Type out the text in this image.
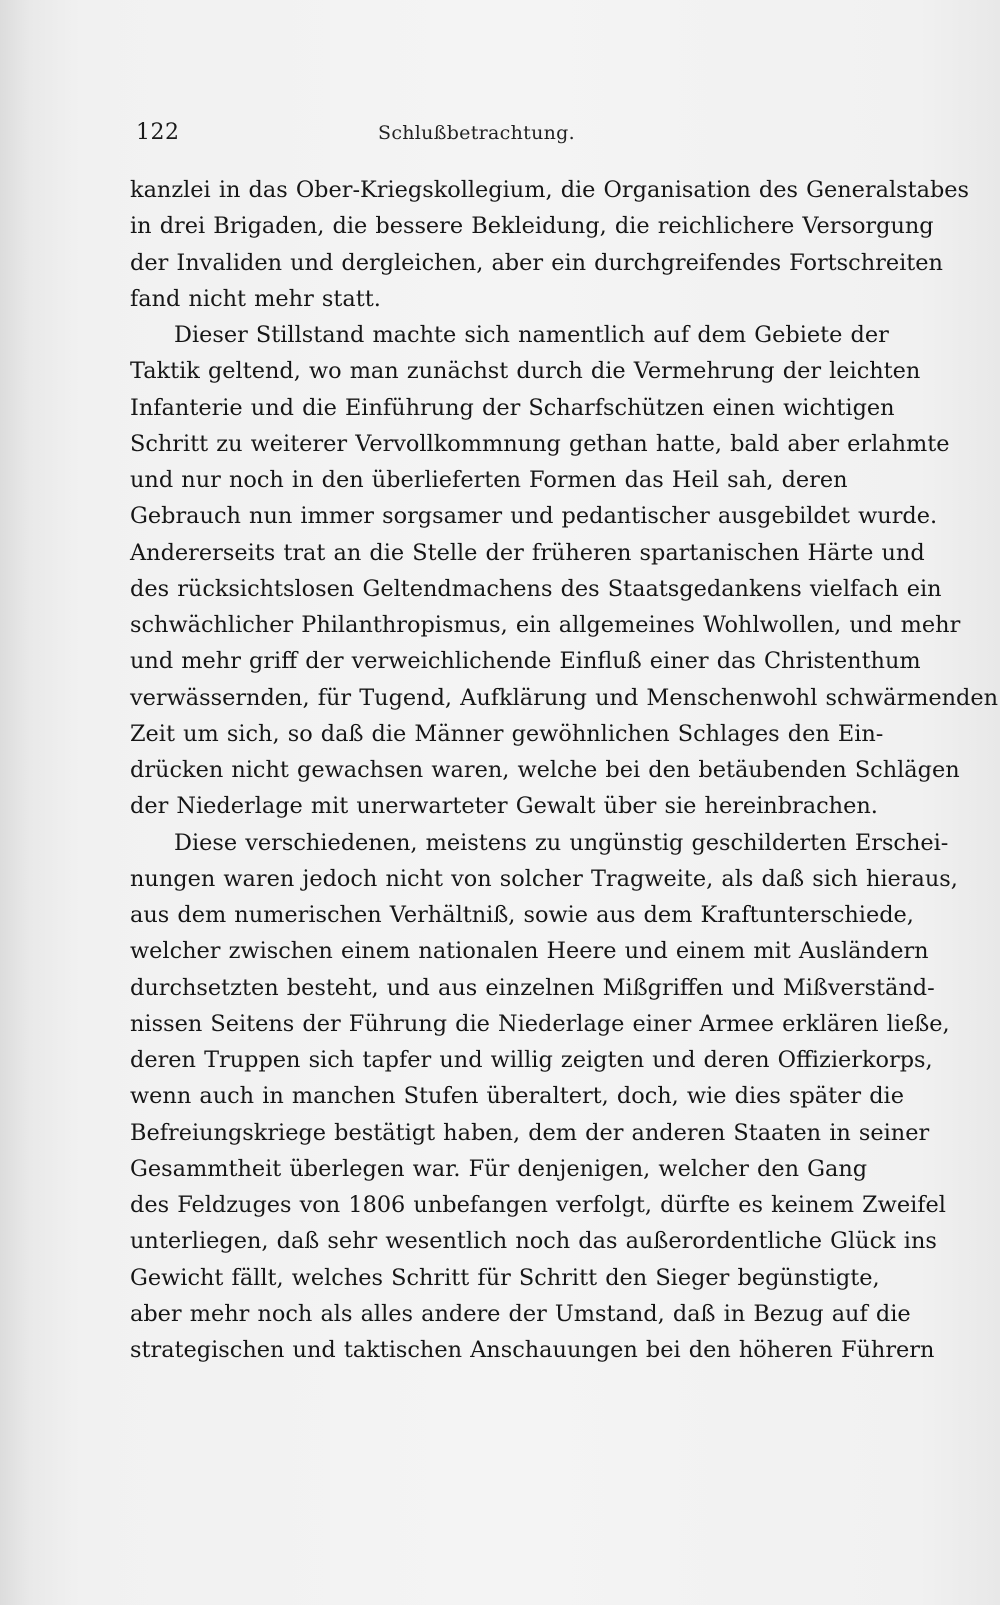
122	Schlußbetrachtung.
kanzlei in das Ober-Kriegskollegium, die Organisation des Generalstabes
in drei Brigaden, die bessere Bekleidung, die reichlichere Versorgung
der Invaliden und dergleichen, aber ein durchgreifendes Fortschreiten
fand nicht mehr statt.
Dieser Stillstand machte sich namentlich auf dem Gebiete der
Taktik geltend, wo man zunächst durch die Vermehrung der leichten
Infanterie und die Einführung der Scharfschützen einen wichtigen
Schritt zu weiterer Vervollkommnung gethan hatte, bald aber erlahmte
und nur noch in den überlieferten Formen das Heil sah, deren
Gebrauch nun immer sorgsamer und pedantischer ausgebildet wurde.
Andererseits trat an die Stelle der früheren spartanischen Härte und
des rücksichtslosen Geltendmachens des Staatsgedankens vielfach ein
schwächlicher Philanthropismus, ein allgemeines Wohlwollen, und mehr
und mehr griff der verweichlichende Einfluß einer das Christenthum
verwässernden, für Tugend, Aufklärung und Menschenwohl schwärmenden
Zeit um sich, so daß die Männer gewöhnlichen Schlages den Ein-
drücken nicht gewachsen waren, welche bei den betäubenden Schlägen
der Niederlage mit unerwarteter Gewalt über sie hereinbrachen.
Diese verschiedenen, meistens zu ungünstig geschilderten Erschei-
nungen waren jedoch nicht von solcher Tragweite, als daß sich hieraus,
aus dem numerischen Verhältniß, sowie aus dem Kraftunterschiede,
welcher zwischen einem nationalen Heere und einem mit Ausländern
durchsetzten besteht, und aus einzelnen Mißgriffen und Mißverständ-
nissen Seitens der Führung die Niederlage einer Armee erklären ließe,
deren Truppen sich tapfer und willig zeigten und deren Offizierkorps,
wenn auch in manchen Stufen überaltert, doch, wie dies später die
Befreiungskriege bestätigt haben, dem der anderen Staaten in seiner
Gesammtheit überlegen war. Für denjenigen, welcher den Gang
des Feldzuges von 1806 unbefangen verfolgt, dürfte es keinem Zweifel
unterliegen, daß sehr wesentlich noch das außerordentliche Glück ins
Gewicht fällt, welches Schritt für Schritt den Sieger begünstigte,
aber mehr noch als alles andere der Umstand, daß in Bezug auf die
strategischen und taktischen Anschauungen bei den höheren Führern
